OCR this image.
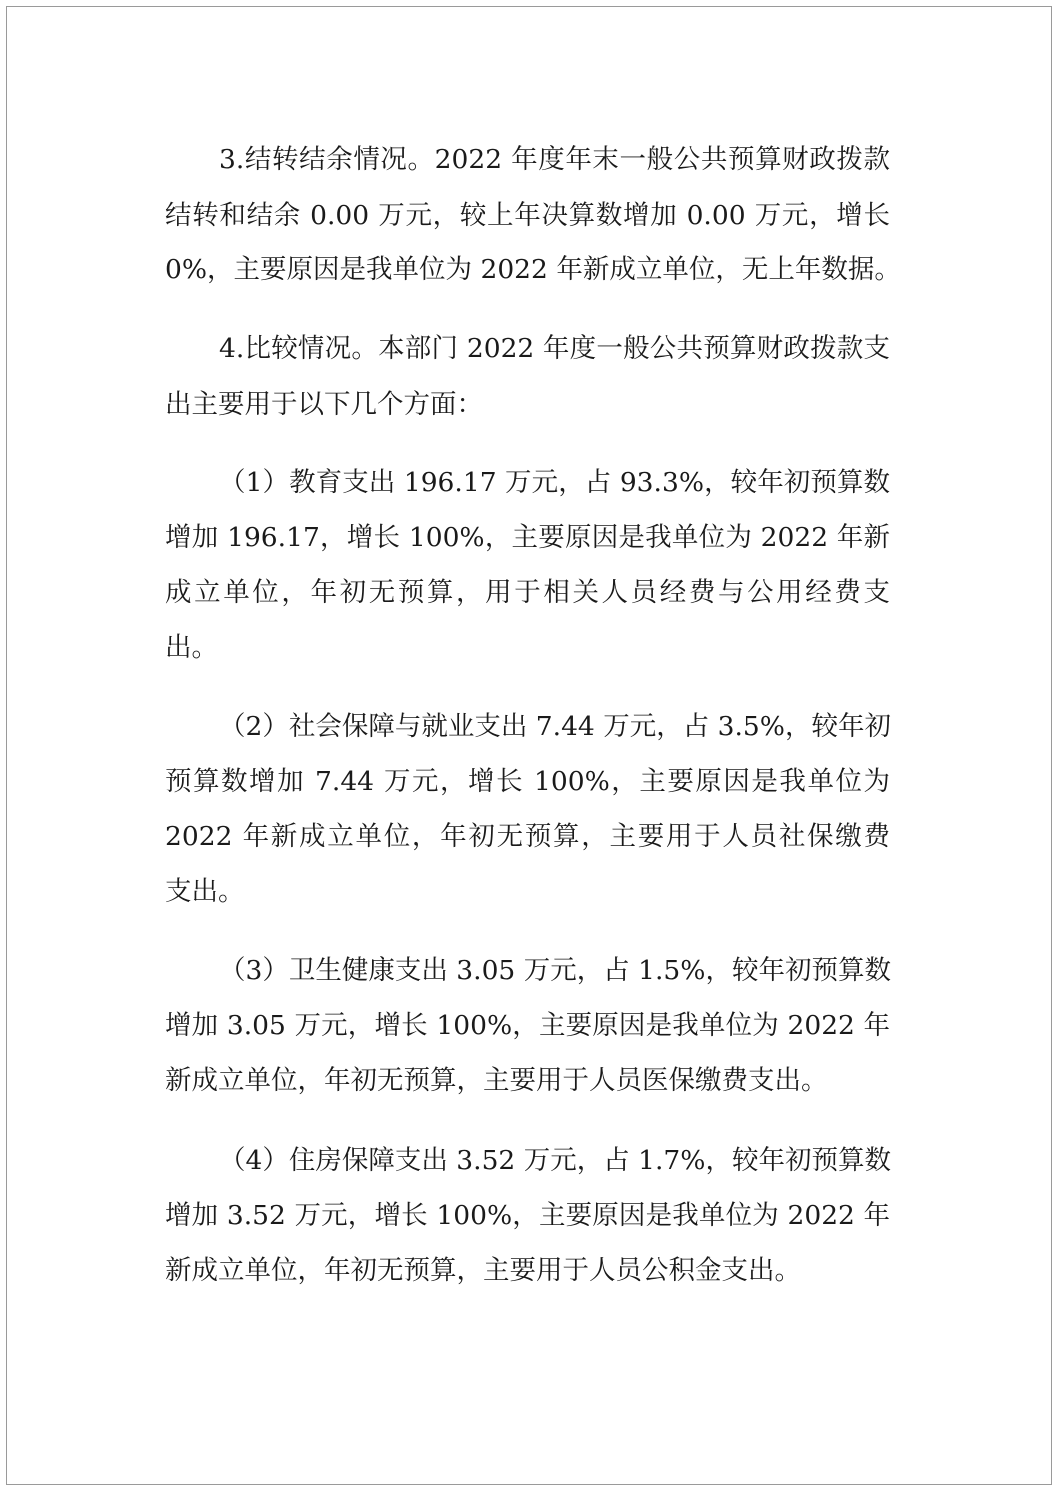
3.结转结余情况。2022 年度年末一般公共预算财政拨款
结转和结余 0.00 万元，较上年决算数增加 0.00 万元，增长
0%，主要原因是我单位为 2022 年新成立单位，无上年数据。
4.比较情况。本部门 2022 年度一般公共预算财政拨款支
出主要用于以下几个方面：
（1）教育支出 196.17 万元，占 93.3%，较年初预算数
增加 196.17，增长 100%，主要原因是我单位为 2022 年新
成立单位，年初无预算，用于相关人员经费与公用经费支
出。
（2）社会保障与就业支出 7.44 万元，占 3.5%，较年初
预算数增加 7.44 万元，增长 100%，主要原因是我单位为
2022 年新成立单位，年初无预算，主要用于人员社保缴费
支出。
（3）卫生健康支出 3.05 万元，占 1.5%，较年初预算数
增加 3.05 万元，增长 100%，主要原因是我单位为 2022 年
新成立单位，年初无预算，主要用于人员医保缴费支出。
（4）住房保障支出 3.52 万元，占 1.7%，较年初预算数
增加 3.52 万元，增长 100%，主要原因是我单位为 2022 年
新成立单位，年初无预算，主要用于人员公积金支出。
